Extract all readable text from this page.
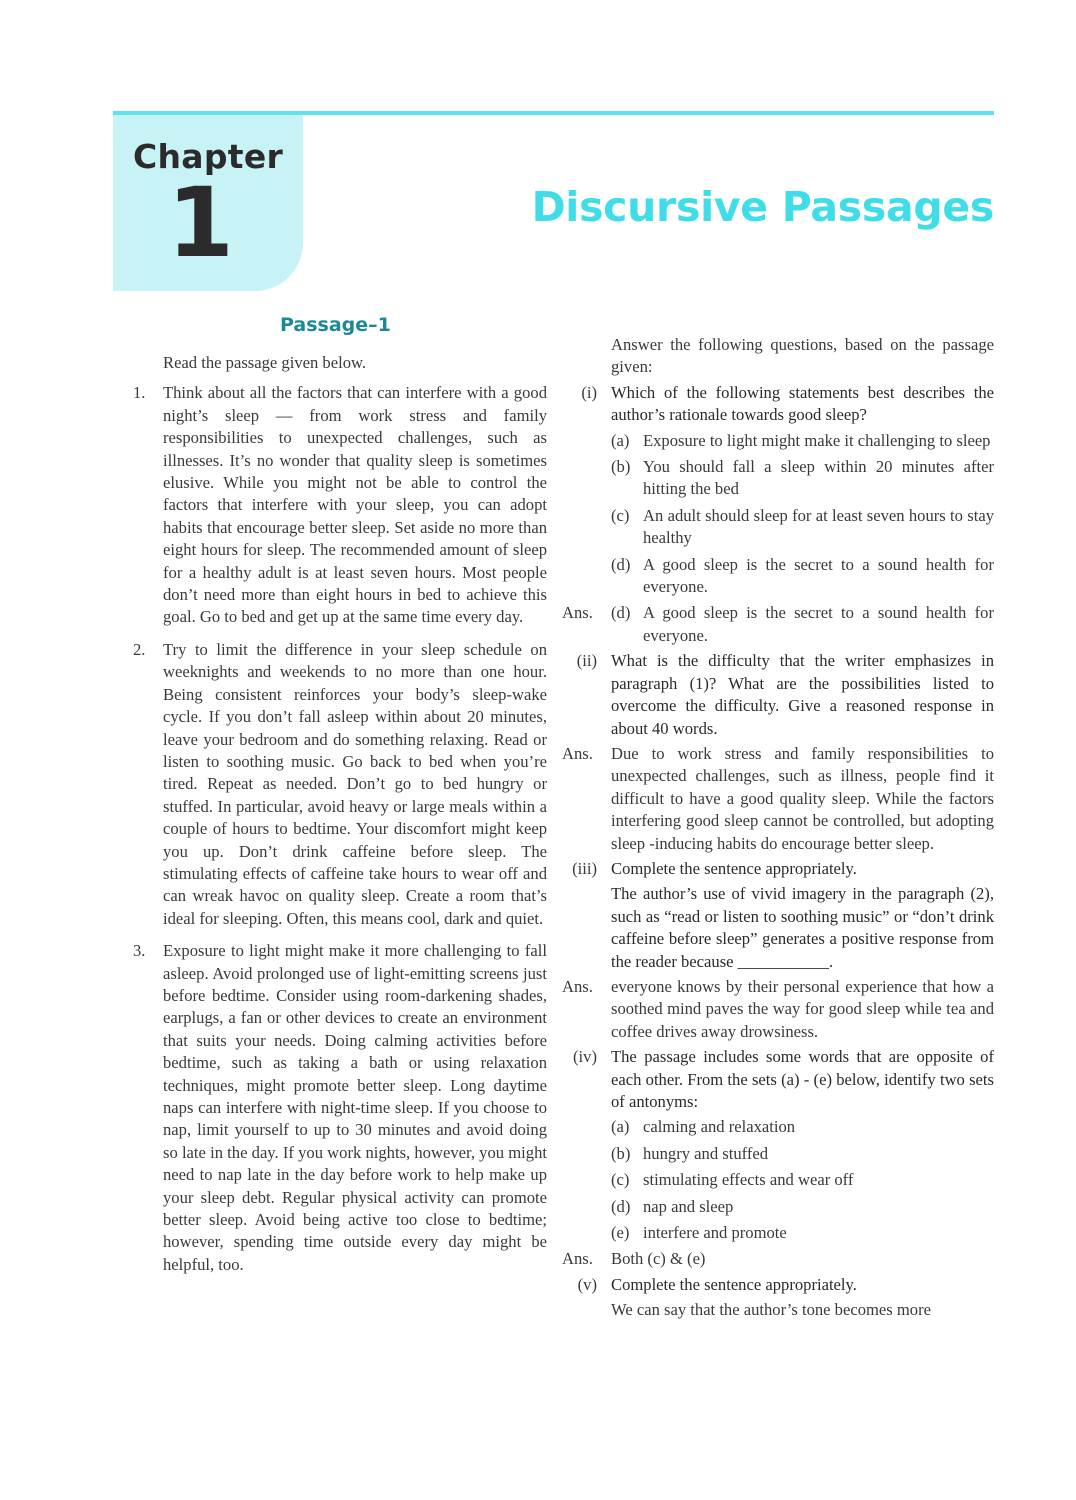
Chapter
1	Discursive Passages
Passage–1
Read the passage given below.
1.	Think about all the factors that can interfere with a good night’s sleep — from work stress and family responsibilities to unexpected challenges, such as illnesses. It’s no wonder that quality sleep is sometimes elusive. While you might not be able to control the factors that interfere with your sleep, you can adopt habits that encourage better sleep. Set aside no more than eight hours for sleep. The recommended amount of sleep for a healthy adult is at least seven hours. Most people don’t need more than eight hours in bed to achieve this goal. Go to bed and get up at the same time every day.
2.	Try to limit the difference in your sleep schedule on weeknights and weekends to no more than one hour. Being consistent reinforces your body’s sleep-wake cycle. If you don’t fall asleep within about 20 minutes, leave your bedroom and do something relaxing. Read or listen to soothing music. Go back to bed when you’re tired. Repeat as needed. Don’t go to bed hungry or stuffed. In particular, avoid heavy or large meals within a couple of hours to bedtime. Your discomfort might keep you up. Don’t drink caffeine before sleep. The stimulating effects of caffeine take hours to wear off and can wreak havoc on quality sleep. Create a room that’s ideal for sleeping. Often, this means cool, dark and quiet.
3.	Exposure to light might make it more challenging to fall asleep. Avoid prolonged use of light-emitting screens just before bedtime. Consider using room-darkening shades, earplugs, a fan or other devices to create an environment that suits your needs. Doing calming activities before bedtime, such as taking a bath or using relaxation techniques, might promote better sleep. Long daytime naps can interfere with night-time sleep. If you choose to nap, limit yourself to up to 30 minutes and avoid doing so late in the day. If you work nights, however, you might need to nap late in the day before work to help make up your sleep debt. Regular physical activity can promote better sleep. Avoid being active too close to bedtime; however, spending time outside every day might be helpful, too.
Answer the following questions, based on the passage given:
(i) Which of the following statements best describes the author’s rationale towards good sleep?
(a) Exposure to light might make it challenging to sleep
(b) You should fall a sleep within 20 minutes after hitting the bed
(c) An adult should sleep for at least seven hours to stay healthy
(d) A good sleep is the secret to a sound health for everyone.
Ans.	(d) A good sleep is the secret to a sound health for everyone.
(ii) What is the difficulty that the writer emphasizes in paragraph (1)? What are the possibilities listed to overcome the difficulty. Give a reasoned response in about 40 words.
Ans.	Due to work stress and family responsibilities to unexpected challenges, such as illness, people find it difficult to have a good quality sleep. While the factors interfering good sleep cannot be controlled, but adopting sleep -inducing habits do encourage better sleep.
(iii) Complete the sentence appropriately.
The author’s use of vivid imagery in the paragraph (2), such as “read or listen to soothing music” or “don’t drink caffeine before sleep” generates a positive response from the reader because ___________.
Ans.	everyone knows by their personal experience that how a soothed mind paves the way for good sleep while tea and coffee drives away drowsiness.
(iv) The passage includes some words that are opposite of each other. From the sets (a) - (e) below, identify two sets of antonyms:
(a) calming and relaxation
(b) hungry and stuffed
(c) stimulating effects and wear off
(d) nap and sleep
(e) interfere and promote
Ans.	Both (c) & (e)
(v) Complete the sentence appropriately.
We can say that the author’s tone becomes more
